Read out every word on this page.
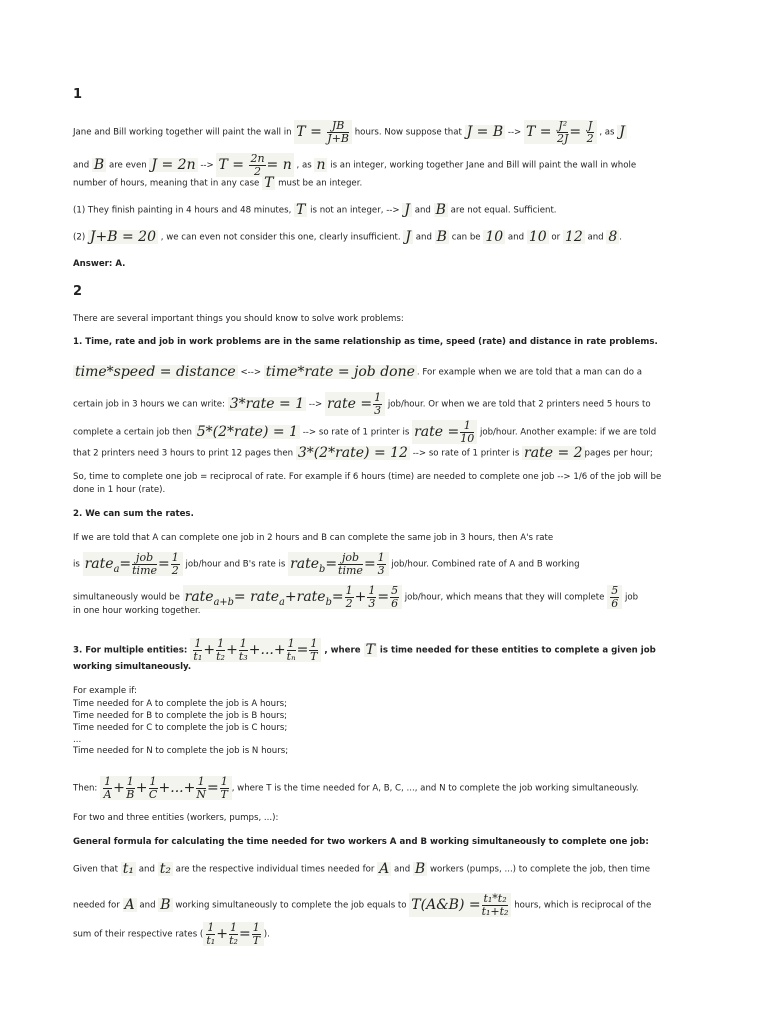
1
Jane and Bill working together will paint the wall in $T = \frac{JB}{J+B}$ hours. Now suppose that J = B --> $T = \frac{\text{J²}}{2J} = \frac{J}{2}$ , as J
and B are even J = 2n --> $T = \frac{2n}{2} = n$ , as n is an integer, working together Jane and Bill will paint the wall in whole
number of hours, meaning that in any case T must be an integer.
(1) They finish painting in 4 hours and 48 minutes, T is not an integer, --> J and B are not equal. Sufficient.
(2) J+B = 20 , we can even not consider this one, clearly insufficient. J and B can be 10 and 10 or 12 and 8 .
Answer: A.
2
There are several important things you should know to solve work problems:
1. Time, rate and job in work problems are in the same relationship as time, speed (rate) and distance in rate problems.
time*speed = distance <--> time*rate = job done . For example when we are told that a man can do a
certain job in 3 hours we can write: 3*rate = 1 --> rate = $\frac{1}{3}$ job/hour. Or when we are told that 2 printers need 5 hours to
complete a certain job then 5*(2*rate) = 1 --> so rate of 1 printer is rate = $\frac{1}{10}$ job/hour. Another example: if we are told
that 2 printers need 3 hours to print 12 pages then 3*(2*rate) = 12 --> so rate of 1 printer is rate = 2 pages per hour;
So, time to complete one job = reciprocal of rate. For example if 6 hours (time) are needed to complete one job --> 1/6 of the job will be
done in 1 hour (rate).
2. We can sum the rates.
If we are told that A can complete one job in 2 hours and B can complete the same job in 3 hours, then A's rate
is rate$_a$= job
time = $\frac{1}{2}$ job/hour and B's rate is rate$_b$= job
time = $\frac{1}{3}$ job/hour. Combined rate of A and B working
simultaneously would be rate$_{a+b}$= rate$_a$+rate$_b$= $\frac{1}{2} + \frac{1}{3} = \frac{5}{6}$ job/hour, which means that they will complete $\frac{5}{6}$ job
in one hour working together.
3. For multiple entities: $\frac{1}{\text{t₁}} + \frac{1}{\text{t₂}} + \frac{1}{\text{t₃}}$ +...+ $\frac{1}{\text{tₙ}} = \frac{1}{T}$ , where T is time needed for these entities to complete a given job
working simultaneously.
For example if:
Time needed for A to complete the job is A hours;
Time needed for B to complete the job is B hours;
Time needed for C to complete the job is C hours;
...
Time needed for N to complete the job is N hours;
Then: $\frac{1}{A} + \frac{1}{B} + \frac{1}{C}$ +...+ $\frac{1}{N} = \frac{1}{T}$ , where T is the time needed for A, B, C, ..., and N to complete the job working simultaneously.
For two and three entities (workers, pumps, ...):
General formula for calculating the time needed for two workers A and B working simultaneously to complete one job:
Given that t₁ and t₂ are the respective individual times needed for A and B workers (pumps, ...) to complete the job, then time
needed for A and B working simultaneously to complete the job equals to T(A&B) = $\frac{\text{t₁*t₂}}{\text{t₁+t₂}}$ hours, which is reciprocal of the
sum of their respective rates ( $\frac{1}{\text{t₁}} + \frac{1}{\text{t₂}} = \frac{1}{T}$ ).
